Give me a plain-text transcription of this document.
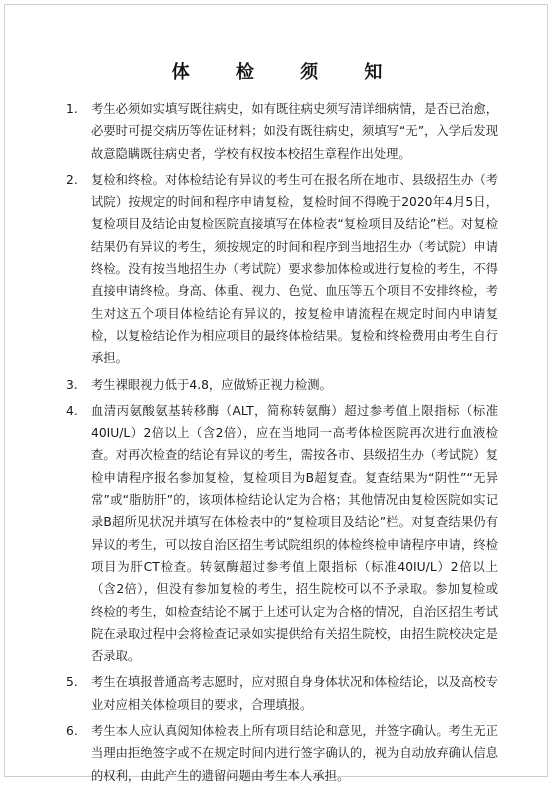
体 检 须 知
1. 考生必须如实填写既往病史，如有既往病史须写清详细病情，是否已治愈，必要时可提交病历等佐证材料；如没有既往病史，须填写“无”，入学后发现故意隐瞒既往病史者，学校有权按本校招生章程作出处理。
2. 复检和终检。对体检结论有异议的考生可在报名所在地市、县级招生办（考试院）按规定的时间和程序申请复检，复检时间不得晚于2020年4月5日，复检项目及结论由复检医院直接填写在体检表“复检项目及结论”栏。对复检结果仍有异议的考生，须按规定的时间和程序到当地招生办（考试院）申请终检。没有按当地招生办（考试院）要求参加体检或进行复检的考生，不得直接申请终检。身高、体重、视力、色觉、血压等五个项目不安排终检，考生对这五个项目体检结论有异议的，按复检申请流程在规定时间内申请复检，以复检结论作为相应项目的最终体检结果。复检和终检费用由考生自行承担。
3. 考生裸眼视力低于4.8，应做矫正视力检测。
4. 血清丙氨酸氨基转移酶（ALT，简称转氨酶）超过参考值上限指标（标准40IU/L）2倍以上（含2倍），应在当地同一高考体检医院再次进行血液检查。对再次检查的结论有异议的考生，需按各市、县级招生办（考试院）复检申请程序报名参加复检，复检项目为B超复查。复查结果为“阴性”“无异常”或“脂肪肝”的，该项体检结论认定为合格；其他情况由复检医院如实记录B超所见状况并填写在体检表中的“复检项目及结论”栏。对复查结果仍有异议的考生，可以按自治区招生考试院组织的体检终检申请程序申请，终检项目为肝CT检查。转氨酶超过参考值上限指标（标准40IU/L）2倍以上（含2倍），但没有参加复检的考生，招生院校可以不予录取。参加复检或终检的考生，如检查结论不属于上述可认定为合格的情况，自治区招生考试院在录取过程中会将检查记录如实提供给有关招生院校，由招生院校决定是否录取。
5. 考生在填报普通高考志愿时，应对照自身身体状况和体检结论，以及高校专业对应相关体检项目的要求，合理填报。
6. 考生本人应认真阅知体检表上所有项目结论和意见，并签字确认。考生无正当理由拒绝签字或不在规定时间内进行签字确认的，视为自动放弃确认信息的权利，由此产生的遗留问题由考生本人承担。
